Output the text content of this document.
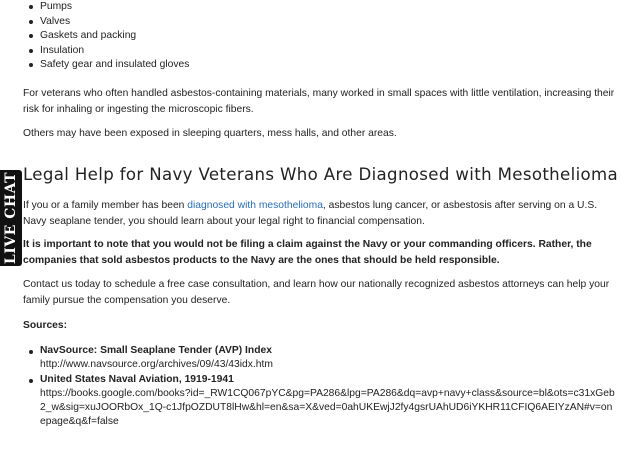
Pumps
Valves
Gaskets and packing
Insulation
Safety gear and insulated gloves

For veterans who often handled asbestos-containing materials, many worked in small spaces with little ventilation, increasing their risk for inhaling or ingesting the microscopic fibers.

Others may have been exposed in sleeping quarters, mess halls, and other areas.

Legal Help for Navy Veterans Who Are Diagnosed with Mesothelioma

If you or a family member has been diagnosed with mesothelioma, asbestos lung cancer, or asbestosis after serving on a U.S. Navy seaplane tender, you should learn about your legal right to financial compensation.

It is important to note that you would not be filing a claim against the Navy or your commanding officers. Rather, the companies that sold asbestos products to the Navy are the ones that should be held responsible.

Contact us today to schedule a free case consultation, and learn how our nationally recognized asbestos attorneys can help your family pursue the compensation you deserve.

Sources:

NavSource: Small Seaplane Tender (AVP) Index
http://www.navsource.org/archives/09/43/43idx.htm
United States Naval Aviation, 1919-1941
https://books.google.com/books?id=_RW1CQ067pYC&pg=PA286&lpg=PA286&dq=avp+navy+class&source=bl&ots=c31xGeb2_w&sig=xuJOORbOx_1Q-c1JfpOZDUT8lHw&hl=en&sa=X&ved=0ahUKEwjJ2fy4gsrUAhUD6iYKHR11CFIQ6AEIYzAN#v=onepage&q&f=false
LIVE CHAT
